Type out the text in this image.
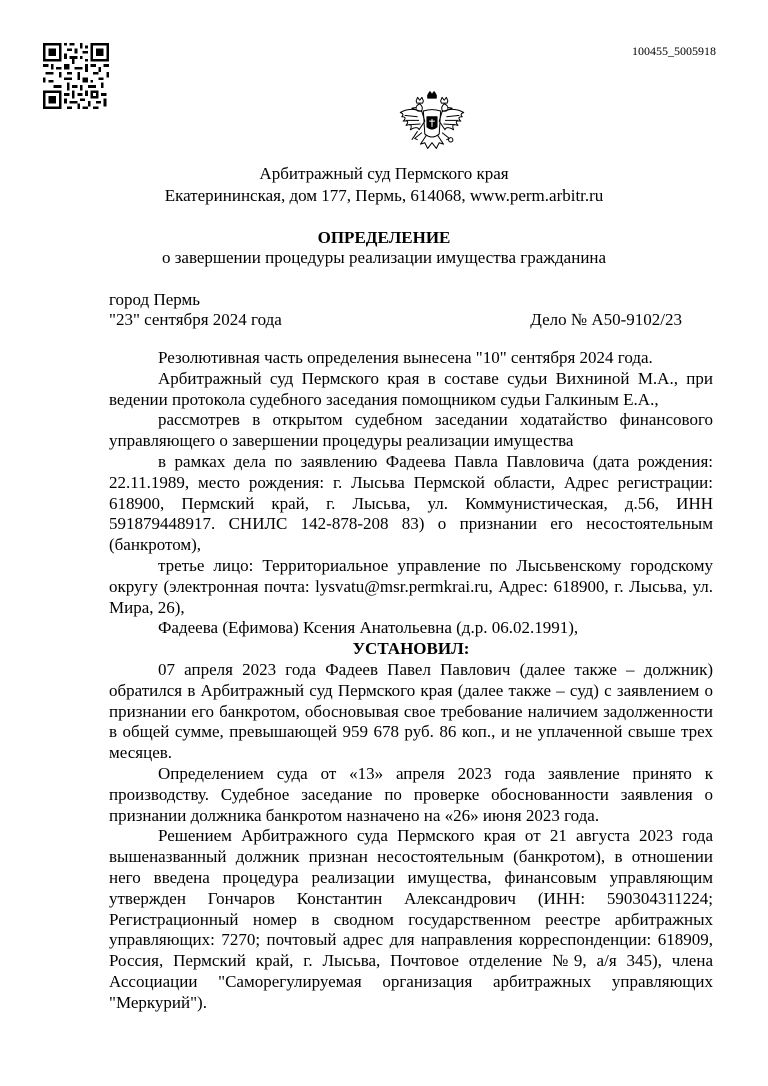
100455_5005918
Арбитражный суд Пермского края
Екатерининская, дом 177, Пермь, 614068, www.perm.arbitr.ru
ОПРЕДЕЛЕНИЕ
о завершении процедуры реализации имущества гражданина
город Пермь
"23" сентября 2024 года	Дело № А50-9102/23

Резолютивная часть определения вынесена "10" сентября 2024 года.

Арбитражный суд Пермского края в составе судьи Вихниной М.А., при ведении протокола судебного заседания помощником судьи Галкиным Е.А.,

рассмотрев в открытом судебном заседании ходатайство финансового управляющего о завершении процедуры реализации имущества

в рамках дела по заявлению Фадеева Павла Павловича (дата рождения: 22.11.1989, место рождения: г. Лысьва Пермской области, Адрес регистрации: 618900, Пермский край, г. Лысьва, ул. Коммунистическая, д.56, ИНН 591879448917. СНИЛС 142-878-208 83) о признании его несостоятельным (банкротом),

третье лицо: Территориальное управление по Лысьвенскому городскому округу (электронная почта: lysvatu@msr.permkrai.ru, Адрес: 618900, г. Лысьва, ул. Мира, 26),

Фадеева (Ефимова) Ксения Анатольевна (д.р. 06.02.1991),

УСТАНОВИЛ:

07 апреля 2023 года Фадеев Павел Павлович (далее также – должник) обратился в Арбитражный суд Пермского края (далее также – суд) с заявлением о признании его банкротом, обосновывая свое требование наличием задолженности в общей сумме, превышающей 959 678 руб. 86 коп., и не уплаченной свыше трех месяцев.

Определением суда от «13» апреля 2023 года заявление принято к производству. Судебное заседание по проверке обоснованности заявления о признании должника банкротом назначено на «26» июня 2023 года.

Решением Арбитражного суда Пермского края от 21 августа 2023 года вышеназванный должник признан несостоятельным (банкротом), в отношении него введена процедура реализации имущества, финансовым управляющим утвержден Гончаров Константин Александрович (ИНН: 590304311224; Регистрационный номер в сводном государственном реестре арбитражных управляющих: 7270; почтовый адрес для направления корреспонденции: 618909, Россия, Пермский край, г. Лысьва, Почтовое отделение №9, а/я 345), члена Ассоциации "Саморегулируемая организация арбитражных управляющих "Меркурий").
